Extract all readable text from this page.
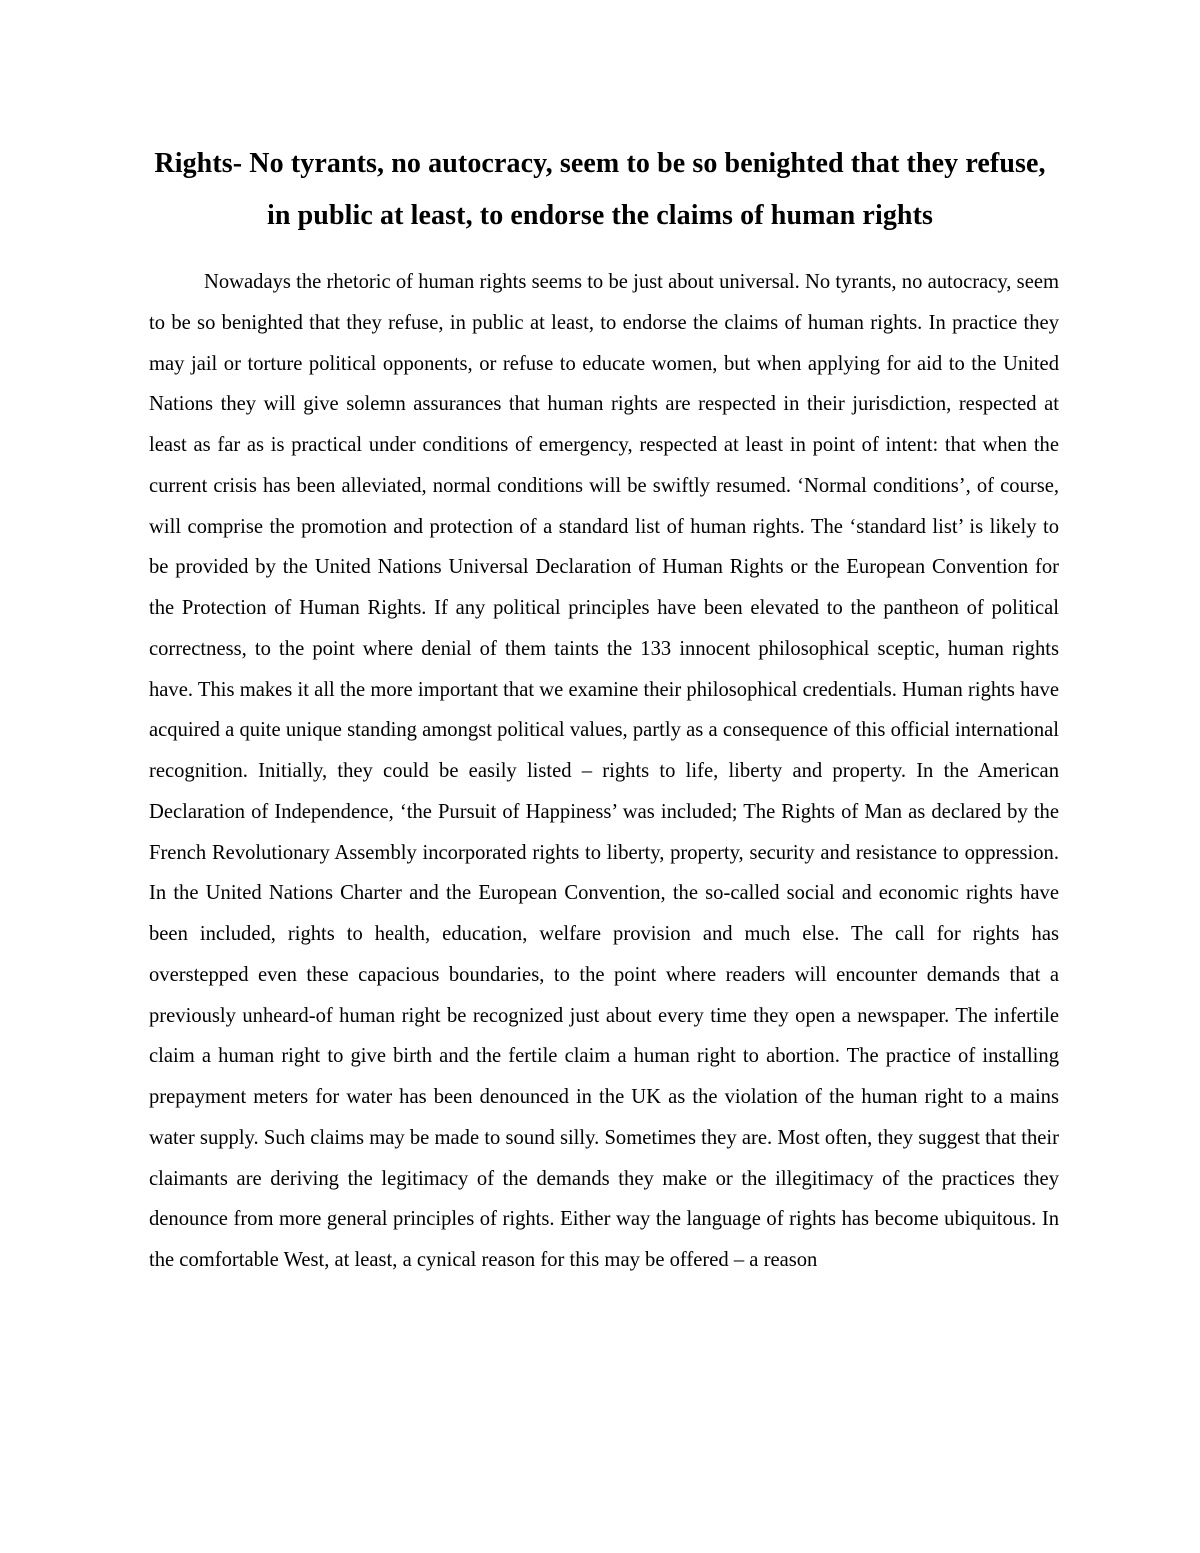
Rights- No tyrants, no autocracy, seem to be so benighted that they refuse, in public at least, to endorse the claims of human rights

Nowadays the rhetoric of human rights seems to be just about universal. No tyrants, no autocracy, seem to be so benighted that they refuse, in public at least, to endorse the claims of human rights. In practice they may jail or torture political opponents, or refuse to educate women, but when applying for aid to the United Nations they will give solemn assurances that human rights are respected in their jurisdiction, respected at least as far as is practical under conditions of emergency, respected at least in point of intent: that when the current crisis has been alleviated, normal conditions will be swiftly resumed. ‘Normal conditions’, of course, will comprise the promotion and protection of a standard list of human rights. The ‘standard list’ is likely to be provided by the United Nations Universal Declaration of Human Rights or the European Convention for the Protection of Human Rights. If any political principles have been elevated to the pantheon of political correctness, to the point where denial of them taints the 133 innocent philosophical sceptic, human rights have. This makes it all the more important that we examine their philosophical credentials. Human rights have acquired a quite unique standing amongst political values, partly as a consequence of this official international recognition. Initially, they could be easily listed – rights to life, liberty and property. In the American Declaration of Independence, ‘the Pursuit of Happiness’ was included; The Rights of Man as declared by the French Revolutionary Assembly incorporated rights to liberty, property, security and resistance to oppression. In the United Nations Charter and the European Convention, the so-called social and economic rights have been included, rights to health, education, welfare provision and much else. The call for rights has overstepped even these capacious boundaries, to the point where readers will encounter demands that a previously unheard-of human right be recognized just about every time they open a newspaper. The infertile claim a human right to give birth and the fertile claim a human right to abortion. The practice of installing prepayment meters for water has been denounced in the UK as the violation of the human right to a mains water supply. Such claims may be made to sound silly. Sometimes they are. Most often, they suggest that their claimants are deriving the legitimacy of the demands they make or the illegitimacy of the practices they denounce from more general principles of rights. Either way the language of rights has become ubiquitous. In the comfortable West, at least, a cynical reason for this may be offered – a reason
